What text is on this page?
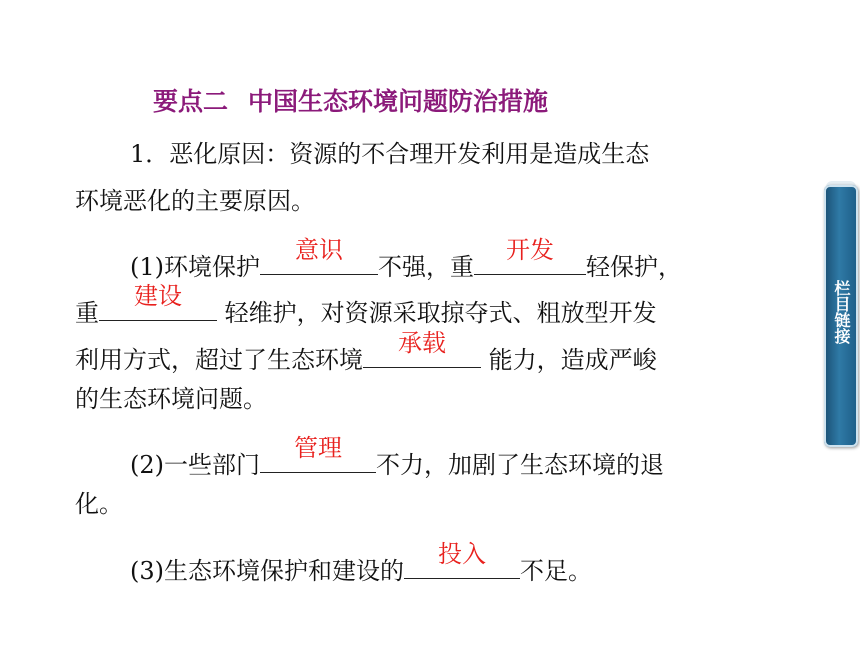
要点二 中国生态环境问题防治措施
1．恶化原因：资源的不合理开发利用是造成生态
环境恶化的主要原因。
(1)环境保护
意识
不强，重
开发
轻保护，
重
建设
轻维护，对资源采取掠夺式、粗放型开发
利用方式，超过了生态环境
承载
能力，造成严峻
的生态环境问题。
(2)一些部门
管理
不力，加剧了生态环境的退
化。
(3)生态环境保护和建设的
投入
不足。
栏目链接
